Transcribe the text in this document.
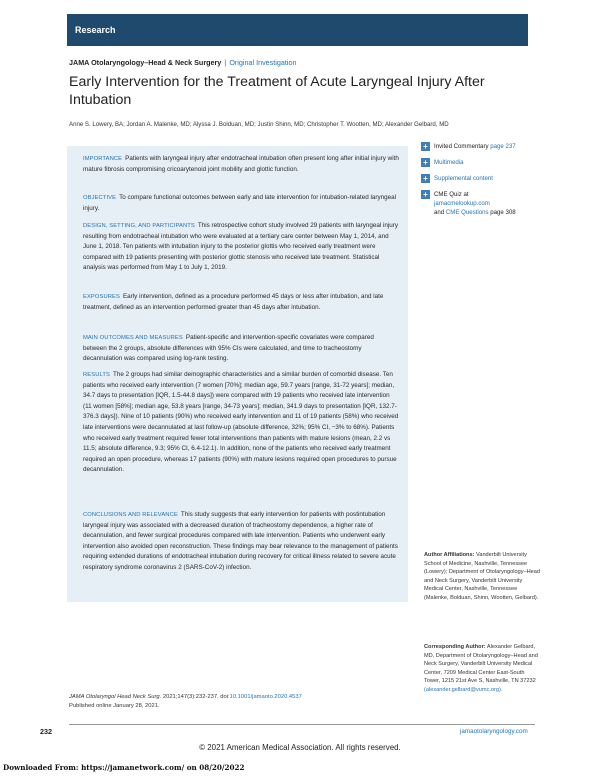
Research
JAMA Otolaryngology–Head & Neck Surgery | Original Investigation
Early Intervention for the Treatment of Acute Laryngeal Injury After Intubation
Anne S. Lowery, BA; Jordan A. Malenke, MD; Alyssa J. Bolduan, MD; Justin Shinn, MD; Christopher T. Wootten, MD; Alexander Gelbard, MD
IMPORTANCE Patients with laryngeal injury after endotracheal intubation often present long after initial injury with mature fibrosis compromising cricoarytenoid joint mobility and glottic function.
OBJECTIVE To compare functional outcomes between early and late intervention for intubation-related laryngeal injury.
DESIGN, SETTING, AND PARTICIPANTS This retrospective cohort study involved 29 patients with laryngeal injury resulting from endotracheal intubation who were evaluated at a tertiary care center between May 1, 2014, and June 1, 2018. Ten patients with intubation injury to the posterior glottis who received early treatment were compared with 19 patients presenting with posterior glottic stenosis who received late treatment. Statistical analysis was performed from May 1 to July 1, 2019.
EXPOSURES Early intervention, defined as a procedure performed 45 days or less after intubation, and late treatment, defined as an intervention performed greater than 45 days after intubation.
MAIN OUTCOMES AND MEASURES Patient-specific and intervention-specific covariates were compared between the 2 groups, absolute differences with 95% CIs were calculated, and time to tracheostomy decannulation was compared using log-rank testing.
RESULTS The 2 groups had similar demographic characteristics and a similar burden of comorbid disease. Ten patients who received early intervention (7 women [70%]; median age, 59.7 years [range, 31-72 years]; median, 34.7 days to presentation [IQR, 1.5-44.8 days]) were compared with 19 patients who received late intervention (11 women [58%]; median age, 53.8 years [range, 34-73 years]; median, 341.9 days to presentation [IQR, 132.7-376.3 days]). Nine of 10 patients (90%) who received early intervention and 11 of 19 patients (58%) who received late interventions were decannulated at last follow-up (absolute difference, 32%; 95% CI, −3% to 68%). Patients who received early treatment required fewer total interventions than patients with mature lesions (mean, 2.2 vs 11.5; absolute difference, 9.3; 95% CI, 6.4-12.1). In addition, none of the patients who received early treatment required an open procedure, whereas 17 patients (90%) with mature lesions required open procedures to pursue decannulation.
CONCLUSIONS AND RELEVANCE This study suggests that early intervention for patients with postintubation laryngeal injury was associated with a decreased duration of tracheostomy dependence, a higher rate of decannulation, and fewer surgical procedures compared with late intervention. Patients who underwent early intervention also avoided open reconstruction. These findings may bear relevance to the management of patients requiring extended durations of endotracheal intubation during recovery for critical illness related to severe acute respiratory syndrome coronavirus 2 (SARS-CoV-2) infection.
+	Invited Commentary page 237
+	Multimedia
+	Supplemental content
+	CME Quiz at
jamacmelookup.com
and CME Questions page 308
Author Affiliations: Vanderbilt University School of Medicine, Nashville, Tennessee (Lowery); Department of Otolaryngology–Head and Neck Surgery, Vanderbilt University Medical Center, Nashville, Tennessee (Malenke, Bolduan, Shinn, Wootten, Gelbard).
Corresponding Author: Alexander Gelbard, MD, Department of Otolaryngology–Head and Neck Surgery, Vanderbilt University Medical Center, 7209 Medical Center East-South Tower, 1215 21st Ave S, Nashville, TN 37232 (alexander.gelbard@vumc.org).
JAMA Otolaryngol Head Neck Surg. 2021;147(3):232-237. doi:10.1001/jamaoto.2020.4537
Published online January 28, 2021.
232	jamaotolaryngology.com
© 2021 American Medical Association. All rights reserved.
Downloaded From: https://jamanetwork.com/ on 08/20/2022
